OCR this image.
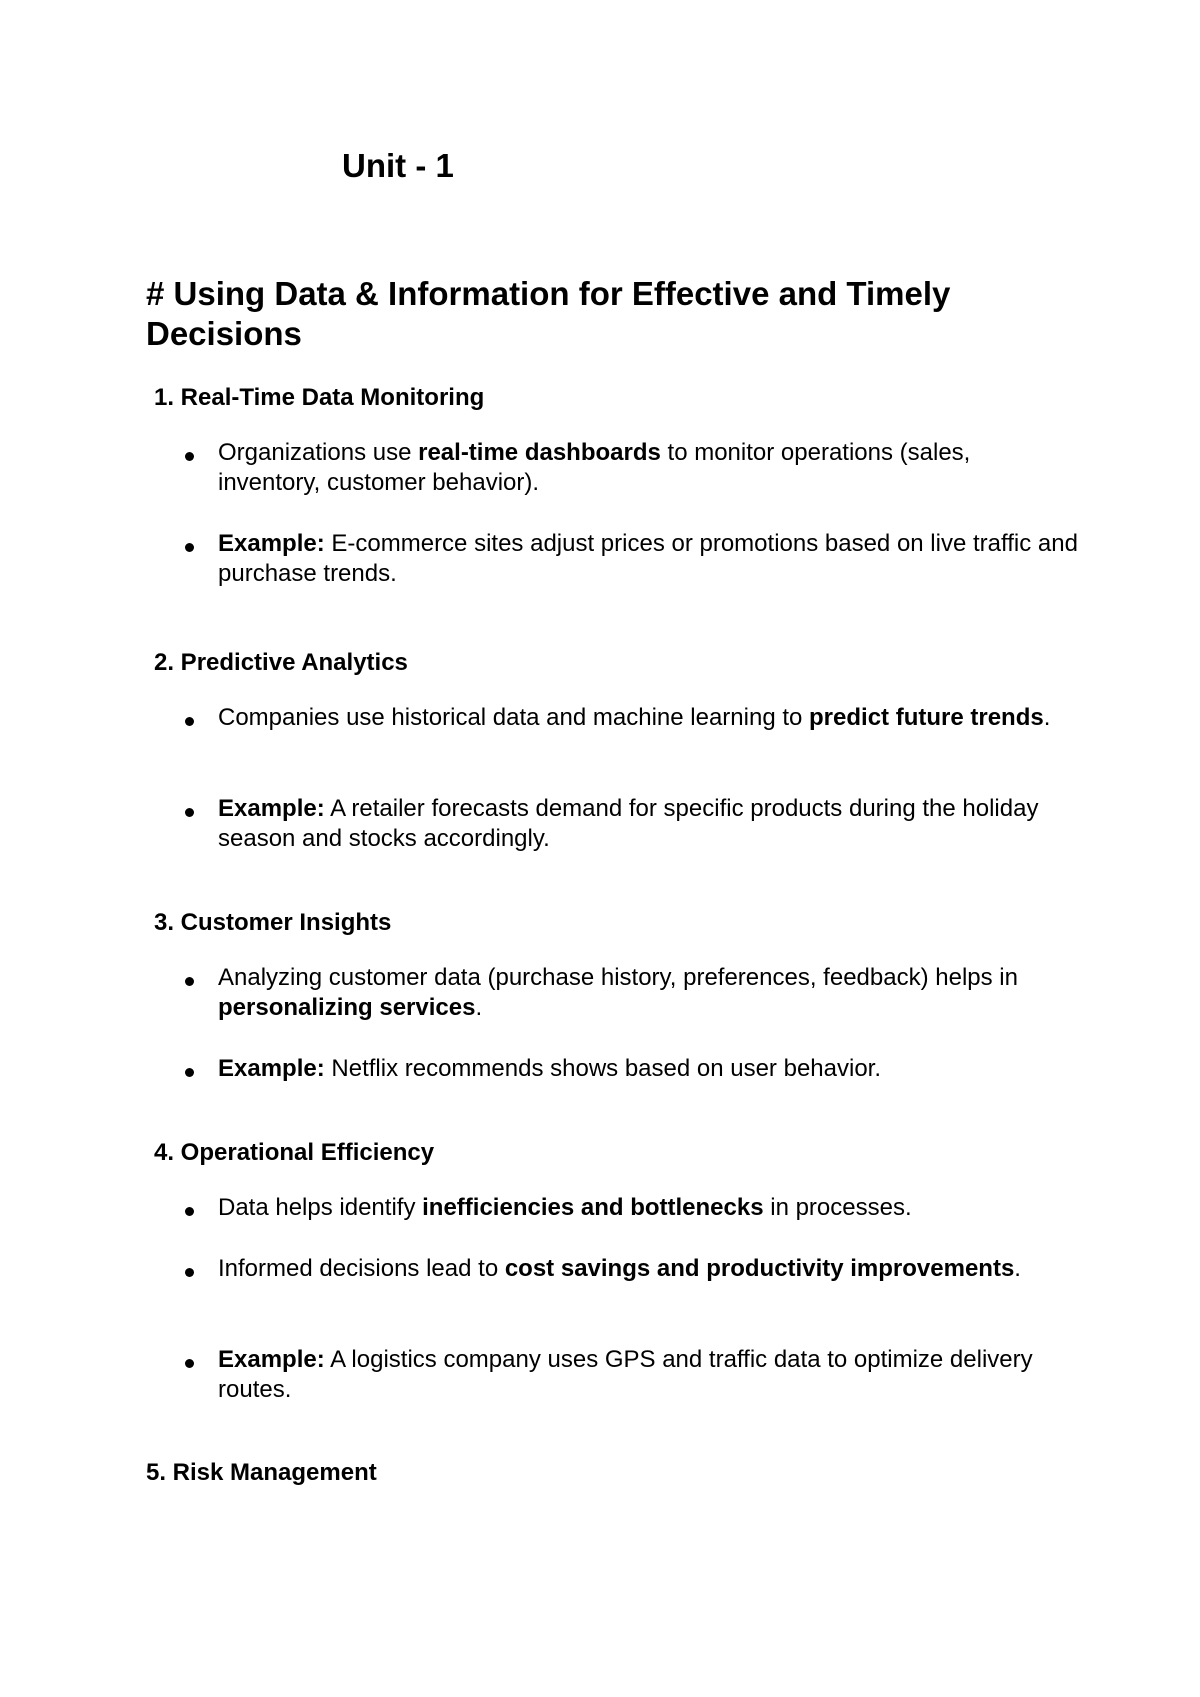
Unit - 1
# Using Data & Information for Effective and Timely Decisions
1. Real-Time Data Monitoring
Organizations use real-time dashboards to monitor operations (sales, inventory, customer behavior).
Example: E-commerce sites adjust prices or promotions based on live traffic and purchase trends.
2. Predictive Analytics
Companies use historical data and machine learning to predict future trends.
Example: A retailer forecasts demand for specific products during the holiday season and stocks accordingly.
3. Customer Insights
Analyzing customer data (purchase history, preferences, feedback) helps in personalizing services.
Example: Netflix recommends shows based on user behavior.
4. Operational Efficiency
Data helps identify inefficiencies and bottlenecks in processes.
Informed decisions lead to cost savings and productivity improvements.
Example: A logistics company uses GPS and traffic data to optimize delivery routes.
5. Risk Management
